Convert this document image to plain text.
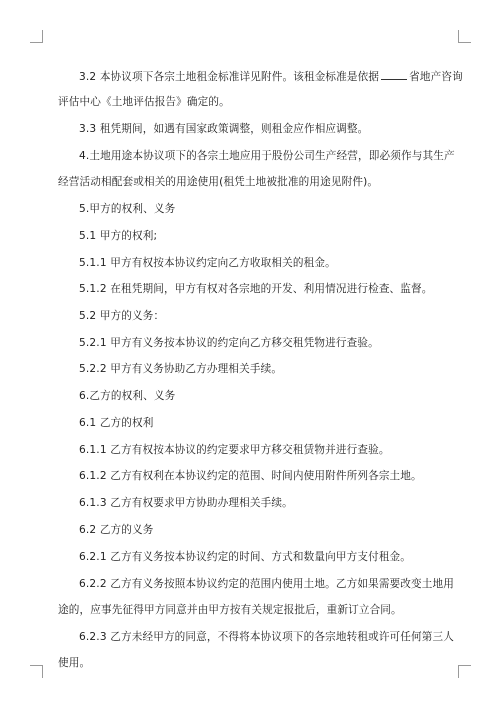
3.2 本协议项下各宗土地租金标准详见附件。该租金标准是依据	省地产咨询
评估中心《土地评估报告》确定的。
3.3 租凭期间，如遇有国家政策调整，则租金应作相应调整。
4.土地用途本协议项下的各宗土地应用于股份公司生产经营，即必须作与其生产
经营活动相配套或相关的用途使用(租凭土地被批准的用途见附件)。
5.甲方的权利、义务
5.1 甲方的权利;
5.1.1 甲方有权按本协议约定向乙方收取相关的租金。
5.1.2 在租凭期间，甲方有权对各宗地的开发、利用情况进行检查、监督。
5.2 甲方的义务：
5.2.1 甲方有义务按本协议的约定向乙方移交租凭物进行查验。
5.2.2 甲方有义务协助乙方办理相关手续。
6.乙方的权利、义务
6.1 乙方的权利
6.1.1 乙方有权按本协议的约定要求甲方移交租赁物并进行查验。
6.1.2 乙方有权利在本协议约定的范围、时间内使用附件所列各宗土地。
6.1.3 乙方有权要求甲方协助办理相关手续。
6.2 乙方的义务
6.2.1 乙方有义务按本协议约定的时间、方式和数量向甲方支付租金。
6.2.2 乙方有义务按照本协议约定的范围内使用土地。乙方如果需要改变土地用
途的，应事先征得甲方同意并由甲方按有关规定报批后，重新订立合同。
6.2.3 乙方未经甲方的同意，不得将本协议项下的各宗地转租或许可任何第三人
使用。
